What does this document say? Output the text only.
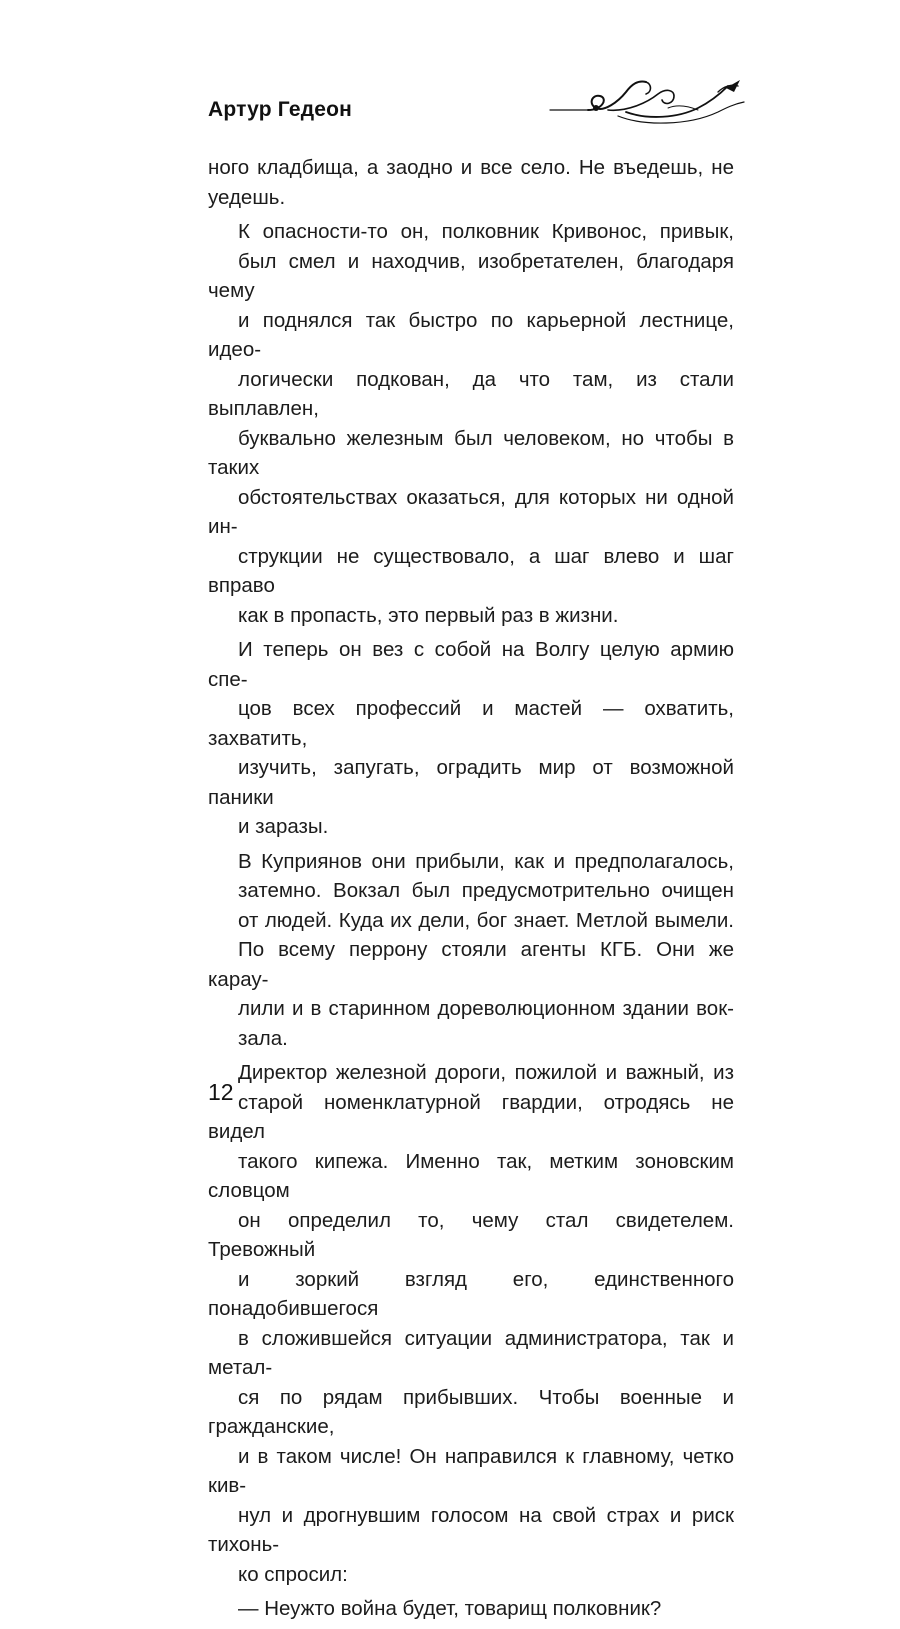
Артур Гедеон

ного кладбища, а заодно и все село. Не въедешь, не
уедешь.

К опасности-то он, полковник Кривонос, привык,
был смел и находчив, изобретателен, благодаря чему
и поднялся так быстро по карьерной лестнице, идео-
логически подкован, да что там, из стали выплавлен,
буквально железным был человеком, но чтобы в таких
обстоятельствах оказаться, для которых ни одной ин-
струкции не существовало, а шаг влево и шаг вправо
как в пропасть, это первый раз в жизни.

И теперь он вез с собой на Волгу целую армию спе-
цов всех профессий и мастей — охватить, захватить,
изучить, запугать, оградить мир от возможной паники
и заразы.

В Куприянов они прибыли, как и предполагалось,
затемно. Вокзал был предусмотрительно очищен
от людей. Куда их дели, бог знает. Метлой вымели.
По всему перрону стояли агенты КГБ. Они же карау-
лили и в старинном дореволюционном здании вок-
зала.

Директор железной дороги, пожилой и важный, из
старой номенклатурной гвардии, отродясь не видел
такого кипежа. Именно так, метким зоновским словцом
он определил то, чему стал свидетелем. Тревожный
и зоркий взгляд его, единственного понадобившегося
в сложившейся ситуации администратора, так и метал-
ся по рядам прибывших. Чтобы военные и гражданские,
и в таком числе! Он направился к главному, четко кив-
нул и дрогнувшим голосом на свой страх и риск тихонь-
ко спросил:

— Неужто война будет, товарищ полковник?

12
